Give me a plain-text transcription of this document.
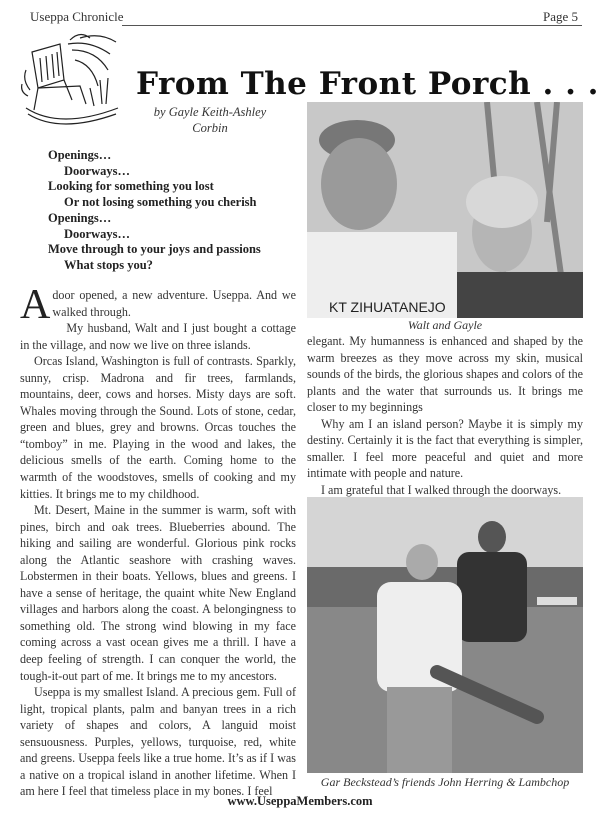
Useppa Chronicle	Page 5
From The Front Porch . . .
by Gayle Keith-Ashley
Corbin
Openings…
Doorways…
Looking for something you lost
Or not losing something you cherish
Openings…
Doorways…
Move through to your joys and passions
What stops you?
Adoor opened, a new adventure. Useppa. And we walked through.

My husband, Walt and I just bought a cottage in the village, and now we live on three islands.

Orcas Island, Washington is full of contrasts. Sparkly, sunny, crisp. Madrona and fir trees, farmlands, mountains, deer, cows and horses. Misty days are soft. Whales moving through the Sound. Lots of stone, cedar, green and blues, grey and browns. Orcas touches the “tomboy” in me. Playing in the wood and lakes, the delicious smells of the earth. Coming home to the warmth of the woodstoves, smells of cooking and my kitties. It brings me to my childhood.

Mt. Desert, Maine in the summer is warm, soft with pines, birch and oak trees. Blueberries abound. The hiking and sailing are wonderful. Glorious pink rocks along the Atlantic seashore with crashing waves. Lobstermen in their boats. Yellows, blues and greens. I have a sense of heritage, the quaint white New England villages and harbors along the coast. A belongingness to something old. The strong wind blowing in my face coming across a vast ocean gives me a thrill. I have a deep feeling of strength. I can conquer the world, the tough-it-out part of me. It brings me to my ancestors.

Useppa is my smallest Island. A precious gem. Full of light, tropical plants, palm and banyan trees in a rich variety of shapes and colors, A languid moist sensuousness. Purples, yellows, turquoise, red, white and greens. Useppa feels like a true home. It’s as if I was a native on a tropical island in another lifetime. When I am here I feel that timeless place in my bones. I feel

KT ZIHUATANEJO
Walt and Gayle
elegant. My humanness is enhanced and shaped by the warm breezes as they move across my skin, musical sounds of the birds, the glorious shapes and colors of the plants and the water that surrounds us. It brings me closer to my beginnings

Why am I an island person? Maybe it is simply my destiny. Certainly it is the fact that everything is simpler, smaller. I feel more peaceful and quiet and more intimate with people and nature.

I am grateful that I walked through the doorways.

Gar Beckstead’s friends John Herring & Lambchop
www.UseppaMembers.com
